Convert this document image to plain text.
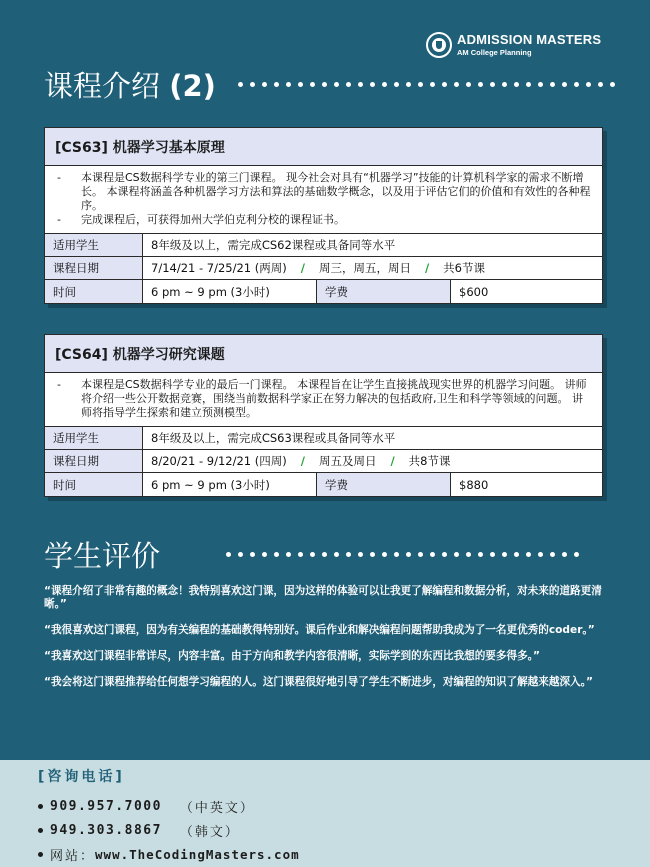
ADMISSION MASTERS
AM College Planning
课程介绍 (2)
[CS63] 机器学习基本原理
-	本课程是CS数据科学专业的第三门课程。 现今社会对具有“机器学习”技能的计算机科学家的需求不断增长。 本课程将涵盖各种机器学习方法和算法的基础数学概念，以及用于评估它们的价值和有效性的各种程序。
-	完成课程后，可获得加州大学伯克利分校的课程证书。
适用学生	8年级及以上，需完成CS62课程或具备同等水平
课程日期	7/14/21 - 7/25/21 (两周) / 周三，周五，周日 / 共6节课
时间	6 pm ~ 9 pm (3小时)	学费	$600
[CS64] 机器学习研究课题
-	本课程是CS数据科学专业的最后一门课程。 本课程旨在让学生直接挑战现实世界的机器学习问题。 讲师将介绍一些公开数据竞赛，围绕当前数据科学家正在努力解决的包括政府,卫生和科学等领域的问题。 讲师将指导学生探索和建立预测模型。
适用学生	8年级及以上，需完成CS63课程或具备同等水平
课程日期	8/20/21 - 9/12/21 (四周) / 周五及周日 / 共8节课
时间	6 pm ~ 9 pm (3小时)	学费	$880
学生评价
“课程介绍了非常有趣的概念！我特别喜欢这门课，因为这样的体验可以让我更了解编程和数据分析，对未来的道路更清晰。”
“我很喜欢这门课程，因为有关编程的基础教得特别好。课后作业和解决编程问题帮助我成为了一名更优秀的coder。”
“我喜欢这门课程非常详尽，内容丰富。由于方向和教学内容很清晰，实际学到的东西比我想的要多得多。”
“我会将这门课程推荐给任何想学习编程的人。这门课程很好地引导了学生不断进步，对编程的知识了解越来越深入。”
[咨询电话]
909.957.7000 （中英文）
949.303.8867 （韩文）
网站： www.TheCodingMasters.com
